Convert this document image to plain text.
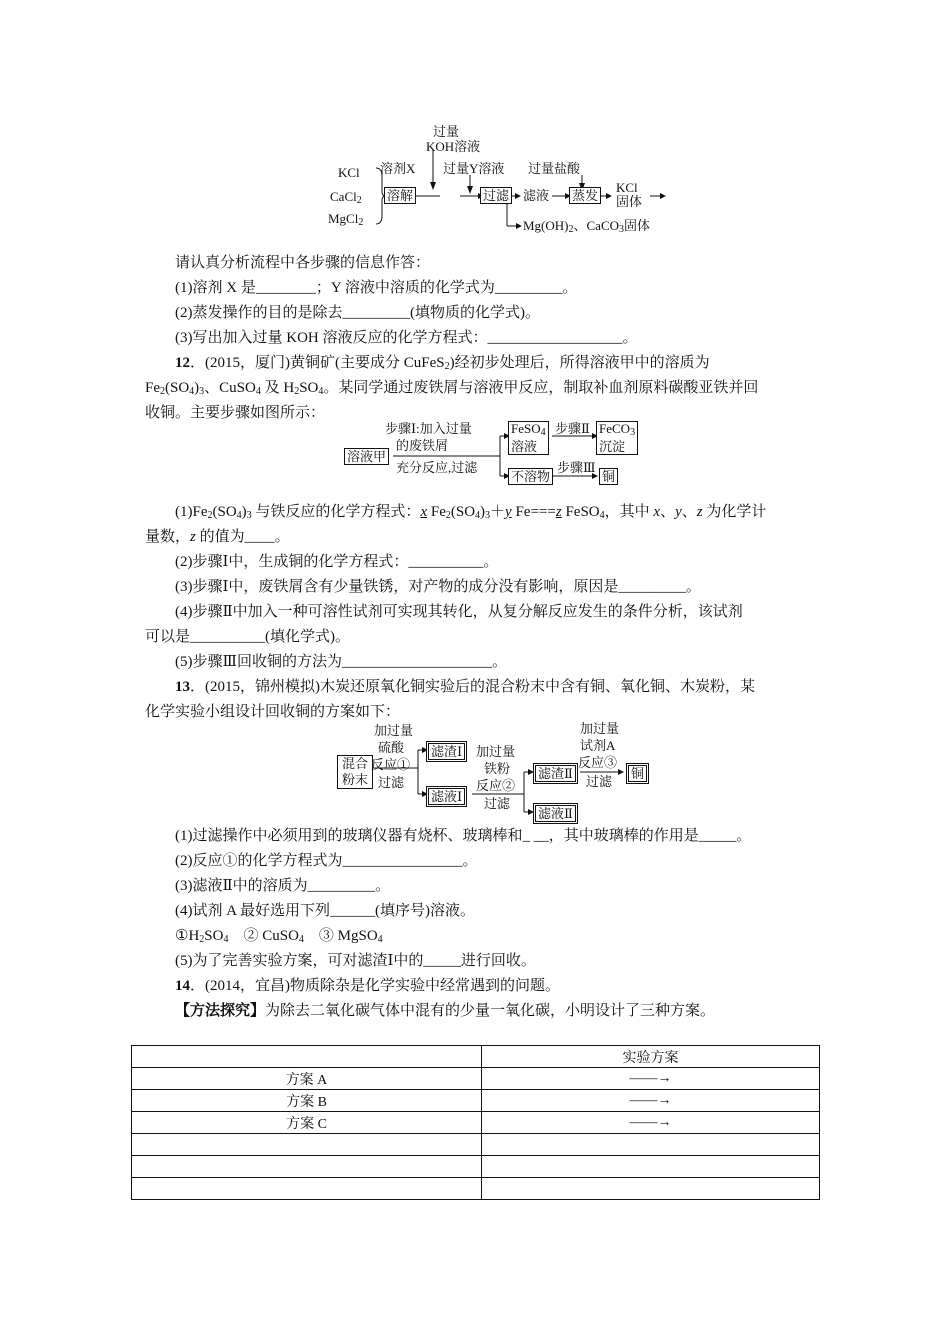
KCl
CaCl$_2$
MgCl$_2$
溶剂X
溶解
过量
KOH溶液
过量Y溶液
过滤 滤液
过量盐酸
蒸发
KCl
固体
$Mg(OH)_2$、CaCO$_3$固体
请认真分析流程中各步骤的信息作答：
(1)溶剂 X 是________；Y 溶液中溶质的化学式为_________。
(2)蒸发操作的目的是除去_________(填物质的化学式)。
(3)写出加入过量 KOH 溶液反应的化学方程式：__________________。
12．(2015，厦门)黄铜矿(主要成分 CuFeS$_2$)经初步处理后，所得溶液甲中的溶质为
$Fe_2(SO_4)_3$、CuSO$_4$ 及 $H_2SO_4$。某同学通过废铁屑与溶液甲反应，制取补血剂原料碳酸亚铁并回
收铜。主要步骤如图所示：
溶液甲
步骤Ⅰ:加入过量
的废铁屑
充分反应,过滤
FeSO$_4$
溶液
步骤Ⅱ FeCO$_3$
沉淀
不溶物
步骤Ⅲ
铜
$(1)Fe_2(SO_4)_3$ 与铁反应的化学方程式：x $Fe_2(SO_4)_3+y$ Fe===z FeSO$_4$，其中 x、y、z 为化学计
量数，z 的值为____。
(2)步骤Ⅰ中，生成铜的化学方程式：__________。
(3)步骤Ⅰ中，废铁屑含有少量铁锈，对产物的成分没有影响，原因是_________。
(4)步骤Ⅱ中加入一种可溶性试剂可实现其转化，从复分解反应发生的条件分析，该试剂
可以是__________(填化学式)。
(5)步骤Ⅲ回收铜的方法为____________________。
13．(2015，锦州模拟)木炭还原氧化铜实验后的混合粉末中含有铜、氧化铜、木炭粉，某
化学实验小组设计回收铜的方案如下：
混合粉末
加过量
硫酸
反应①
过滤
滤渣Ⅰ
滤液Ⅰ
加过量
铁粉
反应②
过滤
滤渣Ⅱ
滤液Ⅱ
加过量
试剂A
反应③
过滤
铜
(1)过滤操作中必须用到的玻璃仪器有烧杯、玻璃棒和_ __，其中玻璃棒的作用是_____。
(2)反应①的化学方程式为________________。
(3)滤液Ⅱ中的溶质为_________。
(4)试剂 A 最好选用下列______(填序号)溶液。
$①H_2SO_4$　② CuSO$_4$　③ MgSO$_4$
(5)为了完善实验方案，可对滤渣Ⅰ中的_____进行回收。
14．(2014，宜昌)物质除杂是化学实验中经常遇到的问题。
【方法探究】为除去二氧化碳气体中混有的少量一氧化碳，小明设计了三种方案。
	实验方案
方案 A	——→
方案 B	——→
方案 C	——→
